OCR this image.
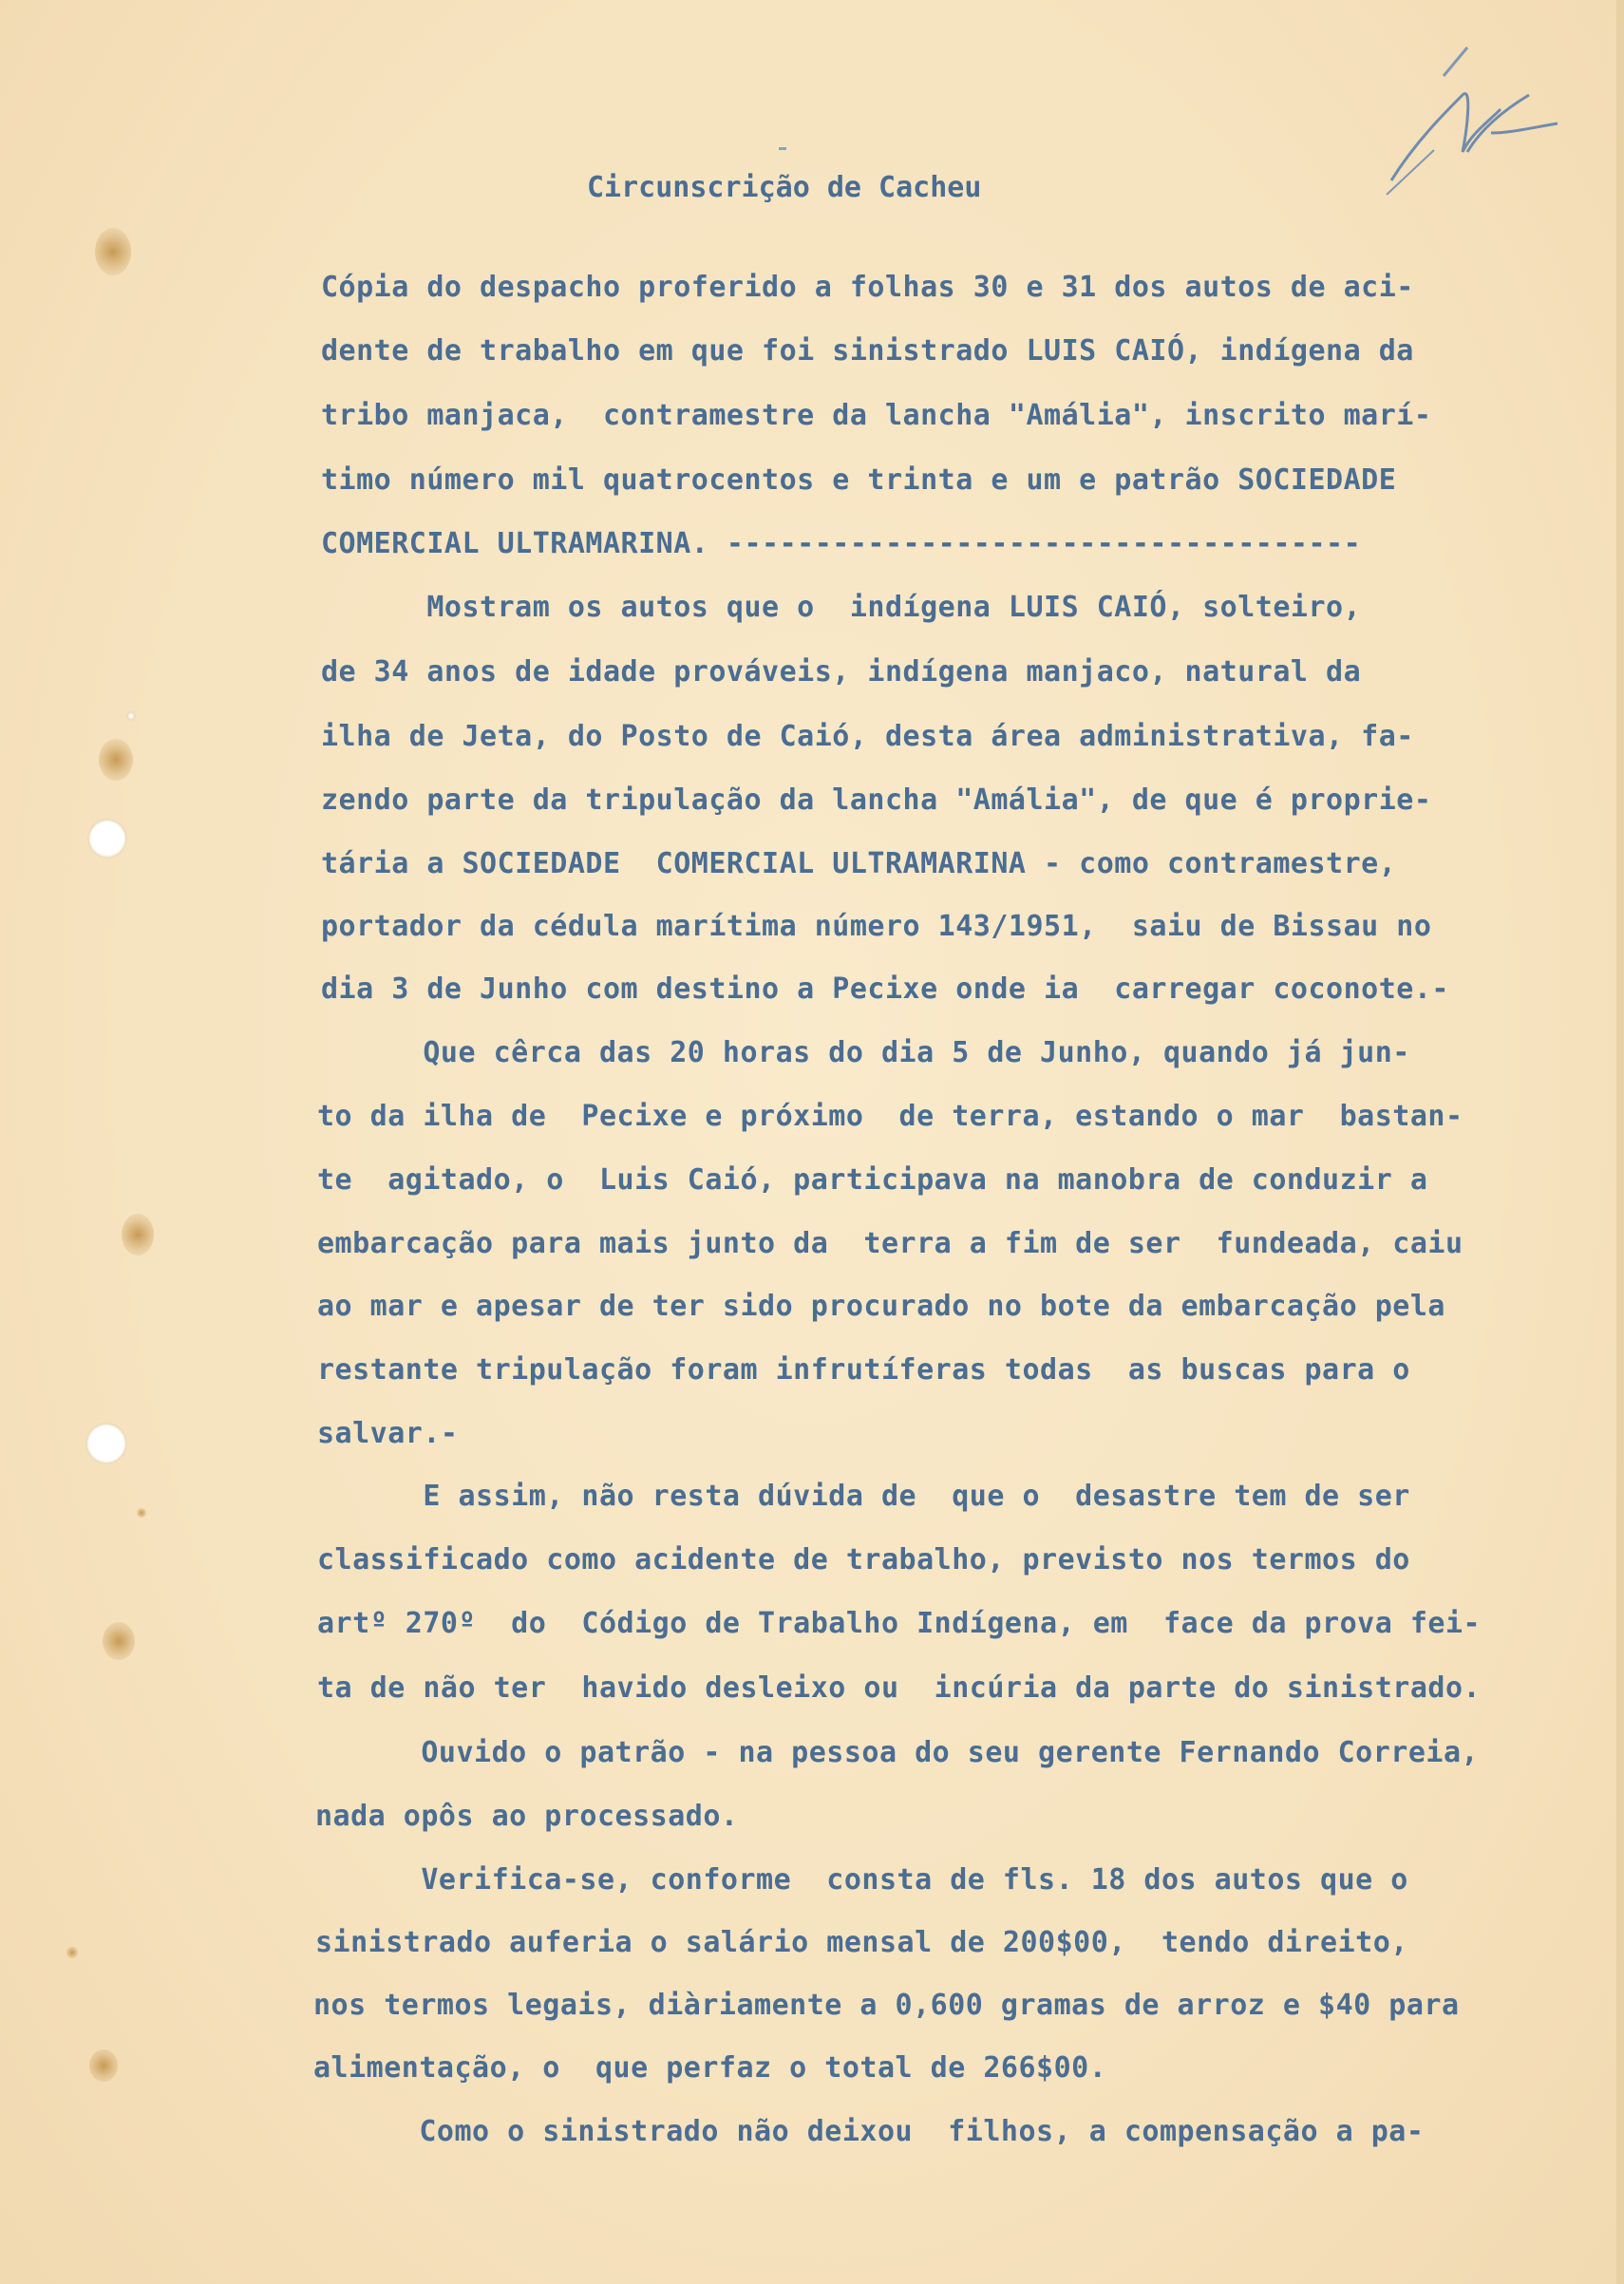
Circunscrição de Cacheu
Cópia do despacho proferido a folhas 30 e 31 dos autos de aci-
dente de trabalho em que foi sinistrado LUIS CAIÓ, indígena da
tribo manjaca,  contramestre da lancha "Amália", inscrito marí-
timo número mil quatrocentos e trinta e um e patrão SOCIEDADE
COMERCIAL ULTRAMARINA. ------------------------------------
Mostram os autos que o  indígena LUIS CAIÓ, solteiro,
de 34 anos de idade prováveis, indígena manjaco, natural da
ilha de Jeta, do Posto de Caió, desta área administrativa, fa-
zendo parte da tripulação da lancha "Amália", de que é proprie-
tária a SOCIEDADE  COMERCIAL ULTRAMARINA - como contramestre,
portador da cédula marítima número 143/1951,  saiu de Bissau no
dia 3 de Junho com destino a Pecixe onde ia  carregar coconote.-
Que cêrca das 20 horas do dia 5 de Junho, quando já jun-
to da ilha de  Pecixe e próximo  de terra, estando o mar  bastan-
te  agitado, o  Luis Caió, participava na manobra de conduzir a
embarcação para mais junto da  terra a fim de ser  fundeada, caiu
ao mar e apesar de ter sido procurado no bote da embarcação pela
restante tripulação foram infrutíferas todas  as buscas para o
salvar.-
E assim, não resta dúvida de  que o  desastre tem de ser
classificado como acidente de trabalho, previsto nos termos do
artº 270º  do  Código de Trabalho Indígena, em  face da prova fei-
ta de não ter  havido desleixo ou  incúria da parte do sinistrado.
Ouvido o patrão - na pessoa do seu gerente Fernando Correia,
nada opôs ao processado.
Verifica-se, conforme  consta de fls. 18 dos autos que o
sinistrado auferia o salário mensal de 200$00,  tendo direito,
nos termos legais, diàriamente a 0,600 gramas de arroz e $40 para
alimentação, o  que perfaz o total de 266$00.
Como o sinistrado não deixou  filhos, a compensação a pa-
